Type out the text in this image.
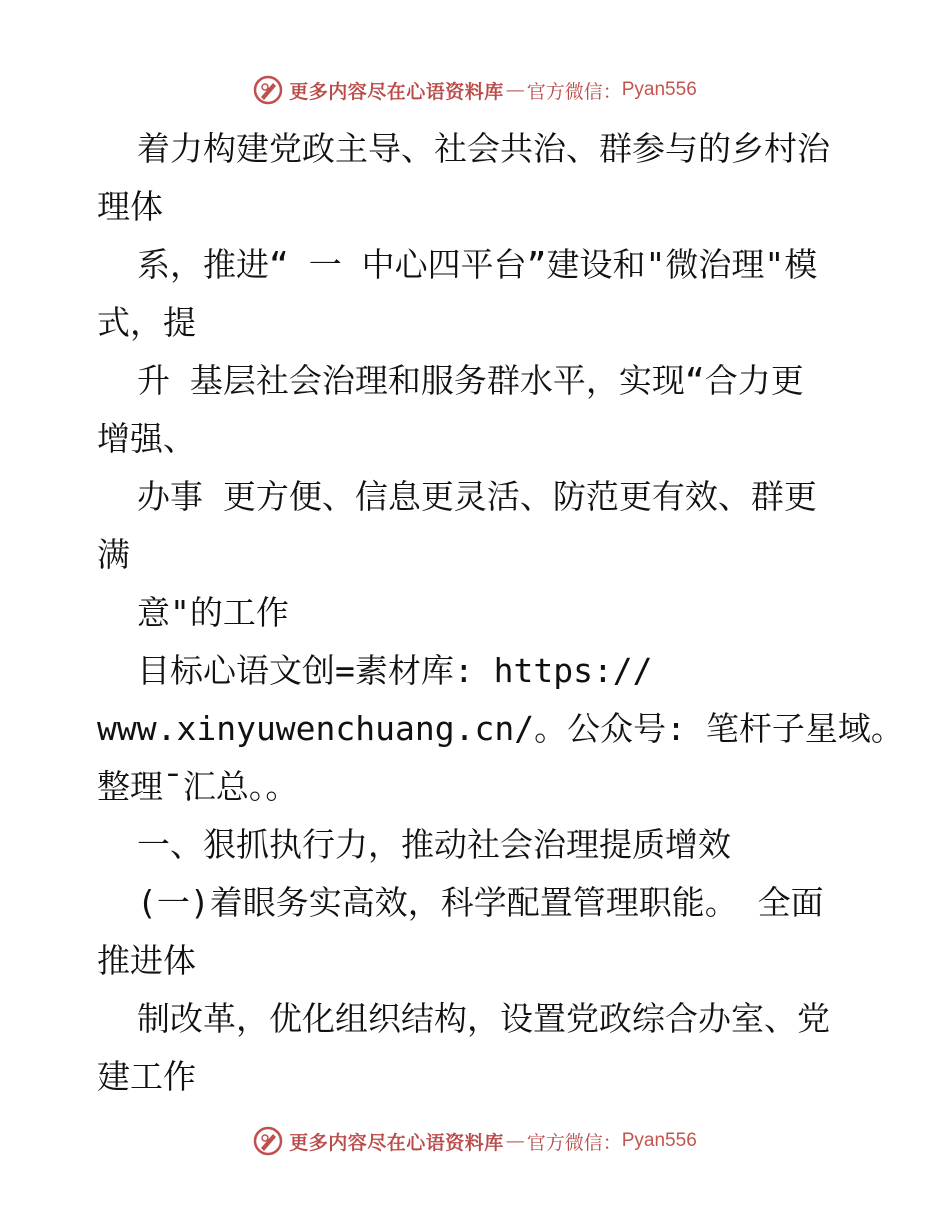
更多内容尽在心语资料库 — 官方微信： Pyan556
着力构建党政主导、社会共治、群参与的乡村治
理体
系，推进“ 一 中心四平台”建设和"微治理"模
式，提
升 基层社会治理和服务群水平，实现“合力更
增强、
办事 更方便、信息更灵活、防范更有效、群更
满
意"的工作
目标心语文创=素材库: https://
www.xinyuwenchuang.cn/。公众号: 笔杆子星域。
整理¯汇总。。
一、狠抓执行力，推动社会治理提质增效
(一)着眼务实高效，科学配置管理职能。 全面
推进体
制改革，优化组织结构，设置党政综合办室、党
建工作
更多内容尽在心语资料库 — 官方微信： Pyan556
